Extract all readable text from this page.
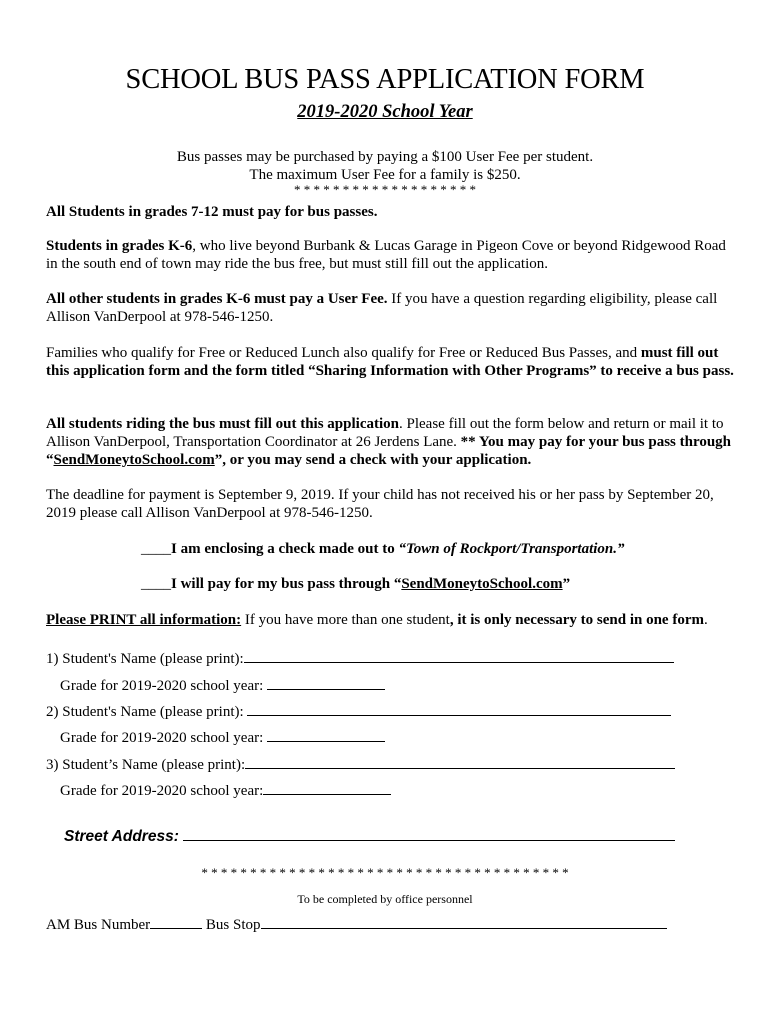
SCHOOL BUS PASS APPLICATION FORM
2019-2020 School Year
Bus passes may be purchased by paying a $100 User Fee per student.
The maximum User Fee for a family is $250.
* * * * * * * * * * * * * * * * * * *
All Students in grades 7-12 must pay for bus passes.
Students in grades K-6, who live beyond Burbank & Lucas Garage in Pigeon Cove or beyond Ridgewood Road in the south end of town may ride the bus free, but must still fill out the application.
All other students in grades K-6 must pay a User Fee. If you have a question regarding eligibility, please call Allison VanDerpool at 978-546-1250.
Families who qualify for Free or Reduced Lunch also qualify for Free or Reduced Bus Passes, and must fill out this application form and the form titled “Sharing Information with Other Programs” to receive a bus pass.
All students riding the bus must fill out this application. Please fill out the form below and return or mail it to Allison VanDerpool, Transportation Coordinator at 26 Jerdens Lane. ** You may pay for your bus pass through “SendMoneytoSchool.com”, or you may send a check with your application.
The deadline for payment is September 9, 2019. If your child has not received his or her pass by September 20, 2019 please call Allison VanDerpool at 978-546-1250.
____I am enclosing a check made out to “Town of Rockport/Transportation.”
____I will pay for my bus pass through “SendMoneytoSchool.com”
Please PRINT all information: If you have more than one student, it is only necessary to send in one form.
1) Student's Name (please print):
Grade for 2019-2020 school year:
2) Student's Name (please print):
Grade for 2019-2020 school year:
3) Student’s Name (please print):
Grade for 2019-2020 school year:
Street Address:
* * * * * * * * * * * * * * * * * * * * * * * * * * * * * * * * * * * * * *
To be completed by office personnel
AM Bus Number	Bus Stop
